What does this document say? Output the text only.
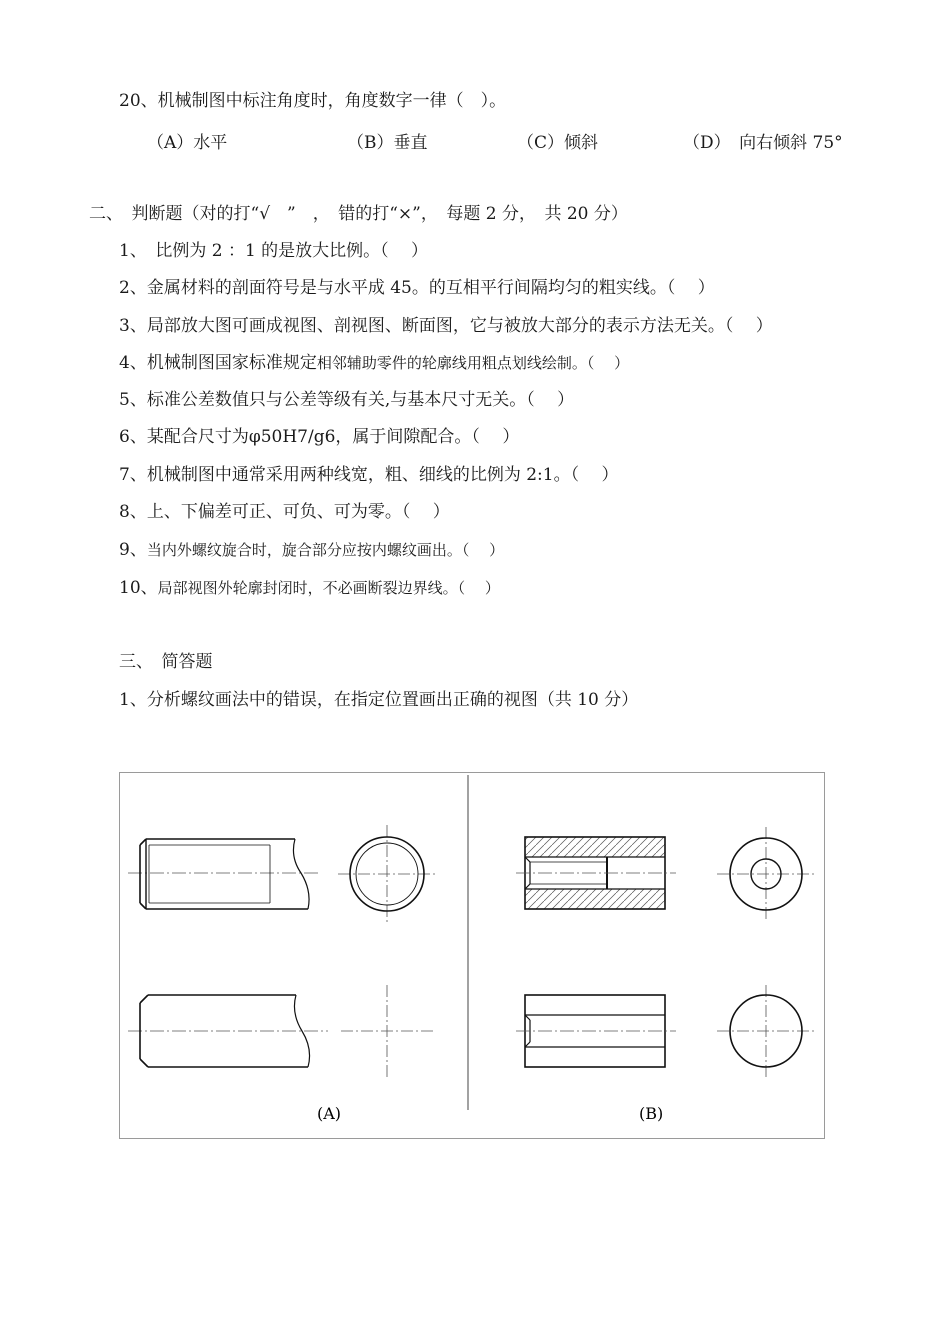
20、机械制图中标注角度时，角度数字一律（　）。
（A）水平	（B）垂直	（C）倾斜	（D）　向右倾斜 75°
二、　判断题（对的打“√　”　，　错的打“×”，　每题 2 分，　共 20 分）
1、　比例为 2 ：1 的是放大比例。（　 ）
2、金属材料的剖面符号是与水平成 45。的互相平行间隔均匀的粗实线。（　 ）
3、局部放大图可画成视图、剖视图、断面图，它与被放大部分的表示方法无关。（　 ）
4、机械制图国家标准规定相邻辅助零件的轮廓线用粗点划线绘制。（　 ）
5、标准公差数值只与公差等级有关,与基本尺寸无关。（　 ）
6、某配合尺寸为φ50H7/g6，属于间隙配合。（　 ）
7、机械制图中通常采用两种线宽，粗、细线的比例为 2:1。（　 ）
8、上、下偏差可正、可负、可为零。（　 ）
9、当内外螺纹旋合时，旋合部分应按内螺纹画出。（　 ）
10、局部视图外轮廓封闭时，不必画断裂边界线。（　 ）
三、　简答题
1、分析螺纹画法中的错误，在指定位置画出正确的视图（共 10 分）
(A)	(B)
